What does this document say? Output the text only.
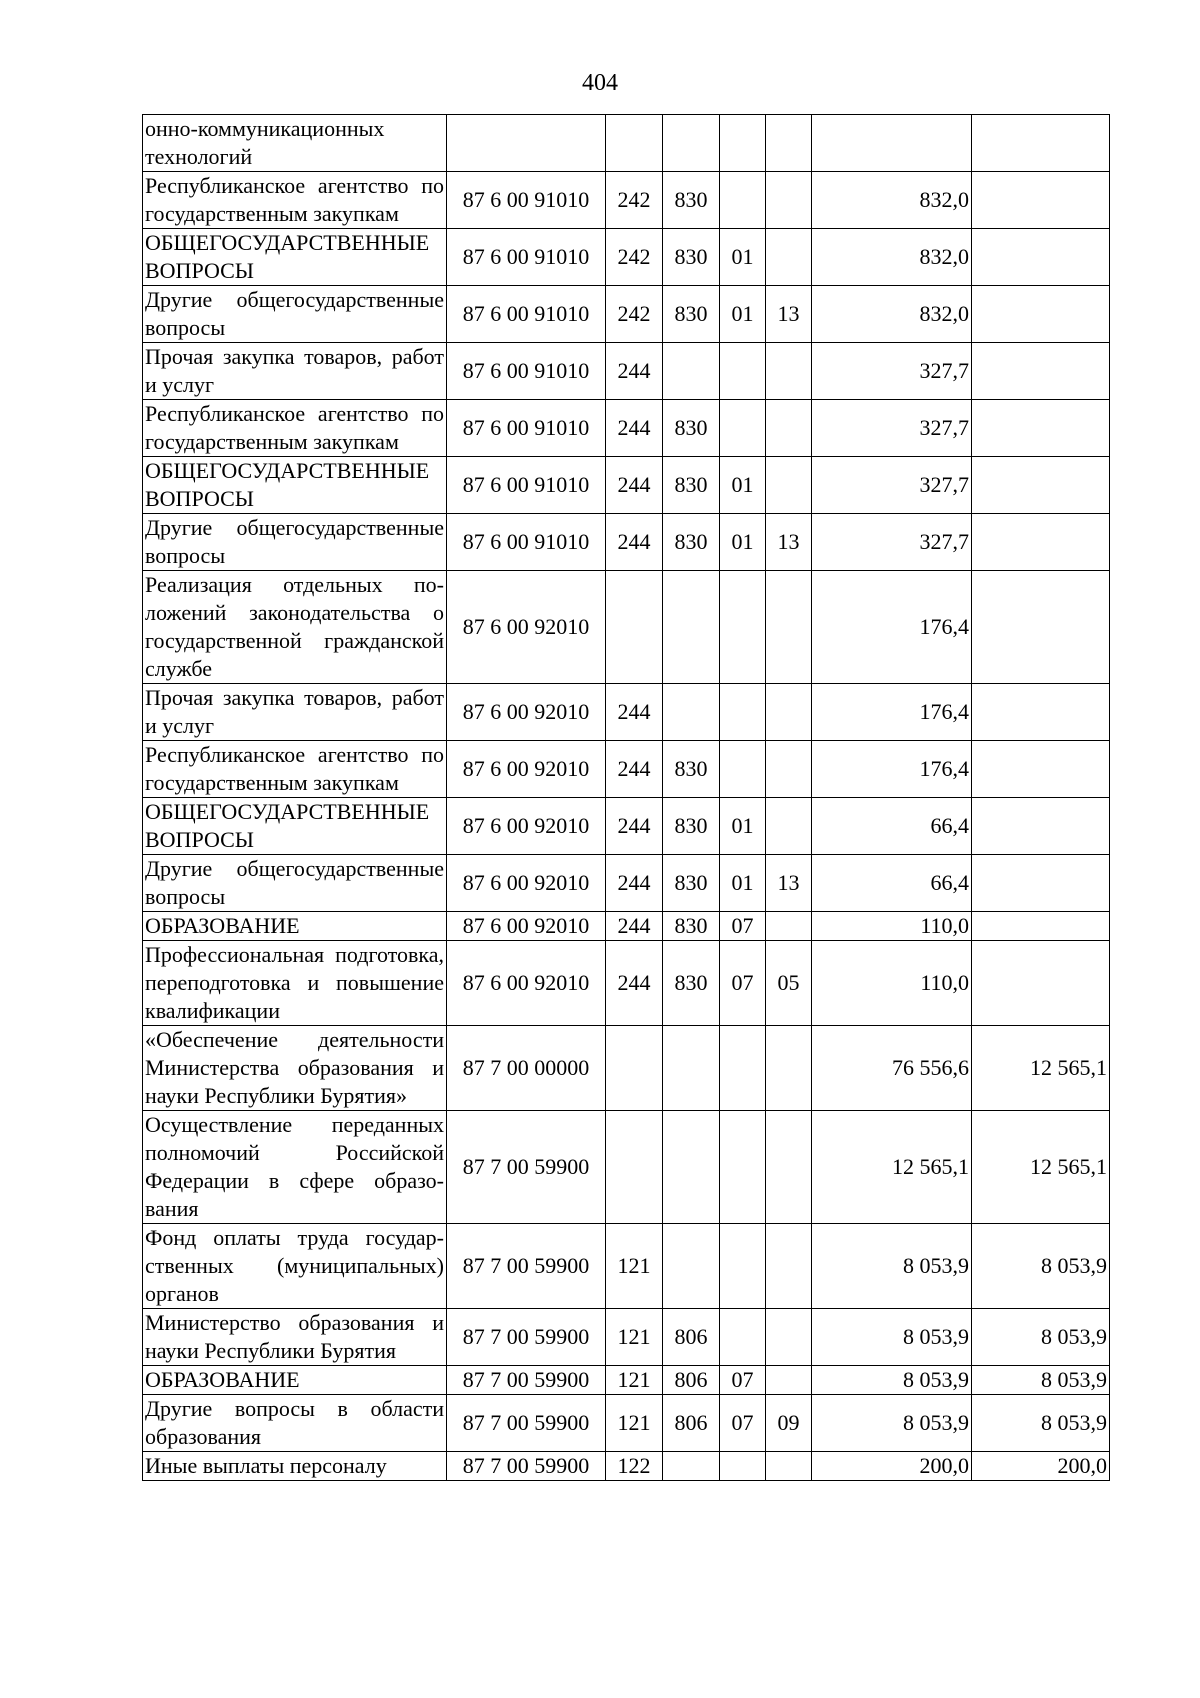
404
онно-коммуникационных технологий							
Республиканское агентство по государственным закупкам	87 6 00 91010	242	830			832,0	
ОБЩЕГОСУДАРСТВЕННЫЕ ВОПРОСЫ	87 6 00 91010	242	830	01		832,0	
Другие общегосударственные вопросы	87 6 00 91010	242	830	01	13	832,0	
Прочая закупка товаров, работ и услуг	87 6 00 91010	244				327,7	
Республиканское агентство по государственным закупкам	87 6 00 91010	244	830			327,7	
ОБЩЕГОСУДАРСТВЕННЫЕ ВОПРОСЫ	87 6 00 91010	244	830	01		327,7	
Другие общегосударственные вопросы	87 6 00 91010	244	830	01	13	327,7	
Реализация отдельных положений законодательства о государственной гражданской службе	87 6 00 92010					176,4	
Прочая закупка товаров, работ и услуг	87 6 00 92010	244				176,4	
Республиканское агентство по государственным закупкам	87 6 00 92010	244	830			176,4	
ОБЩЕГОСУДАРСТВЕННЫЕ ВОПРОСЫ	87 6 00 92010	244	830	01		66,4	
Другие общегосударственные вопросы	87 6 00 92010	244	830	01	13	66,4	
ОБРАЗОВАНИЕ	87 6 00 92010	244	830	07		110,0	
Профессиональная подготовка, переподготовка и повышение квалификации	87 6 00 92010	244	830	07	05	110,0	
«Обеспечение деятельности Министерства образования и науки Республики Бурятия»	87 7 00 00000					76 556,6	12 565,1
Осуществление переданных полномочий Российской Федерации в сфере образования	87 7 00 59900					12 565,1	12 565,1
Фонд оплаты труда государственных (муниципальных) органов	87 7 00 59900	121				8 053,9	8 053,9
Министерство образования и науки Республики Бурятия	87 7 00 59900	121	806			8 053,9	8 053,9
ОБРАЗОВАНИЕ	87 7 00 59900	121	806	07		8 053,9	8 053,9
Другие вопросы в области образования	87 7 00 59900	121	806	07	09	8 053,9	8 053,9
Иные выплаты персоналу	87 7 00 59900	122				200,0	200,0
